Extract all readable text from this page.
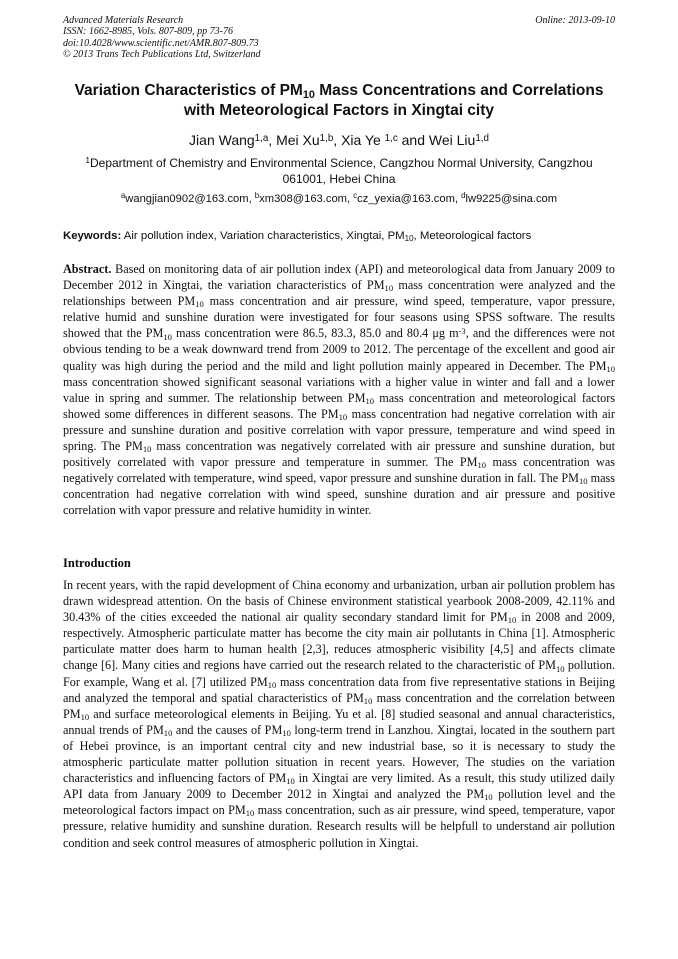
Advanced Materials Research
ISSN: 1662-8985, Vols. 807-809, pp 73-76
doi:10.4028/www.scientific.net/AMR.807-809.73
© 2013 Trans Tech Publications Ltd, Switzerland
Online: 2013-09-10
Variation Characteristics of $PM_{10}$ Mass Concentrations and Correlations
with Meteorological Factors in Xingtai city
Jian Wang$^{1,a}$, Mei Xu$^{1,b}$, Xia Ye $^{1,c}$ and Wei Liu$^{1,d}$
$^1$Department of Chemistry and Environmental Science, Cangzhou Normal University, Cangzhou 061001, Hebei China
$^a$wangjian0902@163.com, $^b$xm308@163.com, $^c$cz_yexia@163.com, $^d$lw9225@sina.com
Keywords: Air pollution index, Variation characteristics, Xingtai, $PM_{10}$, Meteorological factors

Abstract. Based on monitoring data of air pollution index (API) and meteorological data from January 2009 to December 2012 in Xingtai, the variation characteristics of $PM_{10}$ mass concentration were analyzed and the relationships between $PM_{10}$ mass concentration and air pressure, wind speed, temperature, vapor pressure, relative humid and sunshine duration were investigated for four seasons using SPSS software. The results showed that the $PM_{10}$ mass concentration were 86.5, 83.3, 85.0 and 80.4 μg $m^{-3}$, and the differences were not obvious tending to be a weak downward trend from 2009 to 2012. The percentage of the excellent and good air quality was high during the period and the mild and light pollution mainly appeared in December. The $PM_{10}$ mass concentration showed significant seasonal variations with a higher value in winter and fall and a lower value in spring and summer. The relationship between $PM_{10}$ mass concentration and meteorological factors showed some differences in different seasons. The $PM_{10}$ mass concentration had negative correlation with air pressure and sunshine duration and positive correlation with vapor pressure, temperature and wind speed in spring. The $PM_{10}$ mass concentration was negatively correlated with air pressure and sunshine duration, but positively correlated with vapor pressure and temperature in summer. The $PM_{10}$ mass concentration was negatively correlated with temperature, wind speed, vapor pressure and sunshine duration in fall. The $PM_{10}$ mass concentration had negative correlation with wind speed, sunshine duration and air pressure and positive correlation with vapor pressure and relative humidity in winter.

Introduction

In recent years, with the rapid development of China economy and urbanization, urban air pollution problem has drawn widespread attention. On the basis of Chinese environment statistical yearbook 2008-2009, 42.11% and 30.43% of the cities exceeded the national air quality secondary standard limit for $PM_{10}$ in 2008 and 2009, respectively. Atmospheric particulate matter has become the city main air pollutants in China [1]. Atmospheric particulate matter does harm to human health [2,3], reduces atmospheric visibility [4,5] and affects climate change [6]. Many cities and regions have carried out the research related to the characteristic of $PM_{10}$ pollution. For example, Wang et al. [7] utilized $PM_{10}$ mass concentration data from five representative stations in Beijing and analyzed the temporal and spatial characteristics of $PM_{10}$ mass concentration and the correlation between $PM_{10}$ and surface meteorological elements in Beijing. Yu et al. [8] studied seasonal and annual characteristics, annual trends of $PM_{10}$ and the causes of $PM_{10}$ long-term trend in Lanzhou. Xingtai, located in the southern part of Hebei province, is an important central city and new industrial base, so it is necessary to study the atmospheric particulate matter pollution situation in recent years. However, The studies on the variation characteristics and influencing factors of $PM_{10}$ in Xingtai are very limited. As a result, this study utilized daily API data from January 2009 to December 2012 in Xingtai and analyzed the $PM_{10}$ pollution level and the meteorological factors impact on $PM_{10}$ mass concentration, such as air pressure, wind speed, temperature, vapor pressure, relative humidity and sunshine duration. Research results will be helpfull to understand air pollution condition and seek control measures of atmospheric pollution in Xingtai.
